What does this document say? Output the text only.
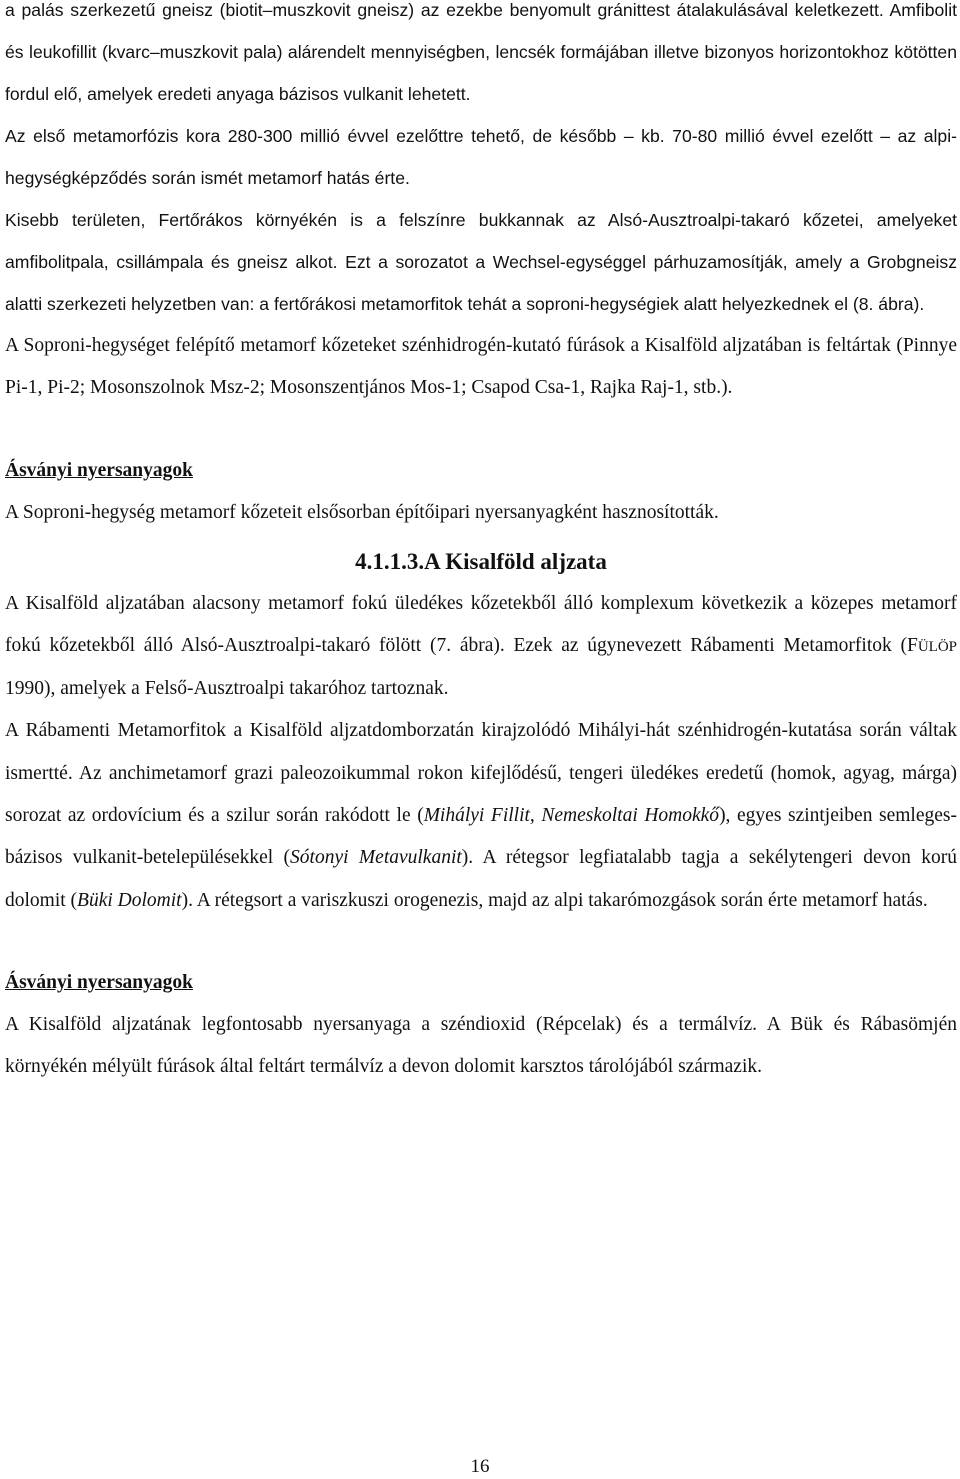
a palás szerkezetű gneisz (biotit–muszkovit gneisz) az ezekbe benyomult gránittest átalakulásával keletkezett. Amfibolit és leukofillit (kvarc–muszkovit pala) alárendelt mennyiségben, lencsék formájában illetve bizonyos horizontokhoz kötötten fordul elő, amelyek eredeti anyaga bázisos vulkanit lehetett.

Az első metamorfózis kora 280-300 millió évvel ezelőttre tehető, de később – kb. 70-80 millió évvel ezelőtt – az alpi-hegységképződés során ismét metamorf hatás érte.

Kisebb területen, Fertőrákos környékén is a felszínre bukkannak az Alsó-Ausztroalpi-takaró kőzetei, amelyeket amfibolitpala, csillámpala és gneisz alkot. Ezt a sorozatot a Wechsel-egységgel párhuzamosítják, amely a Grobgneisz alatti szerkezeti helyzetben van: a fertőrákosi metamorfitok tehát a soproni-hegységiek alatt helyezkednek el (8. ábra).

A Soproni-hegységet felépítő metamorf kőzeteket szénhidrogén-kutató fúrások a Kisalföld aljzatában is feltártak (Pinnye Pi-1, Pi-2; Mosonszolnok Msz-2; Mosonszentjános Mos-1; Csapod Csa-1, Rajka Raj-1, stb.).

Ásványi nyersanyagok

A Soproni-hegység metamorf kőzeteit elsősorban építőipari nyersanyagként hasznosították.

4.1.1.3.A Kisalföld aljzata

A Kisalföld aljzatában alacsony metamorf fokú üledékes kőzetekből álló komplexum következik a közepes metamorf fokú kőzetekből álló Alsó-Ausztroalpi-takaró fölött (7. ábra). Ezek az úgynevezett Rábamenti Metamorfitok (FÜLÖP 1990), amelyek a Felső-Ausztroalpi takaróhoz tartoznak.

A Rábamenti Metamorfitok a Kisalföld aljzatdomborzatán kirajzolódó Mihályi-hát szénhidrogén-kutatása során váltak ismertté. Az anchimetamorf grazi paleozoikummal rokon kifejlődésű, tengeri üledékes eredetű (homok, agyag, márga) sorozat az ordovícium és a szilur során rakódott le (Mihályi Fillit, Nemeskoltai Homokkő), egyes szintjeiben semleges-bázisos vulkanit-betelepülésekkel (Sótonyi Metavulkanit). A rétegsor legfiatalabb tagja a sekélytengeri devon korú dolomit (Büki Dolomit). A rétegsort a variszkuszi orogenezis, majd az alpi takarómozgások során érte metamorf hatás.

Ásványi nyersanyagok

A Kisalföld aljzatának legfontosabb nyersanyaga a széndioxid (Répcelak) és a termálvíz. A Bük és Rábasömjén környékén mélyült fúrások által feltárt termálvíz a devon dolomit karsztos tárolójából származik.

16
